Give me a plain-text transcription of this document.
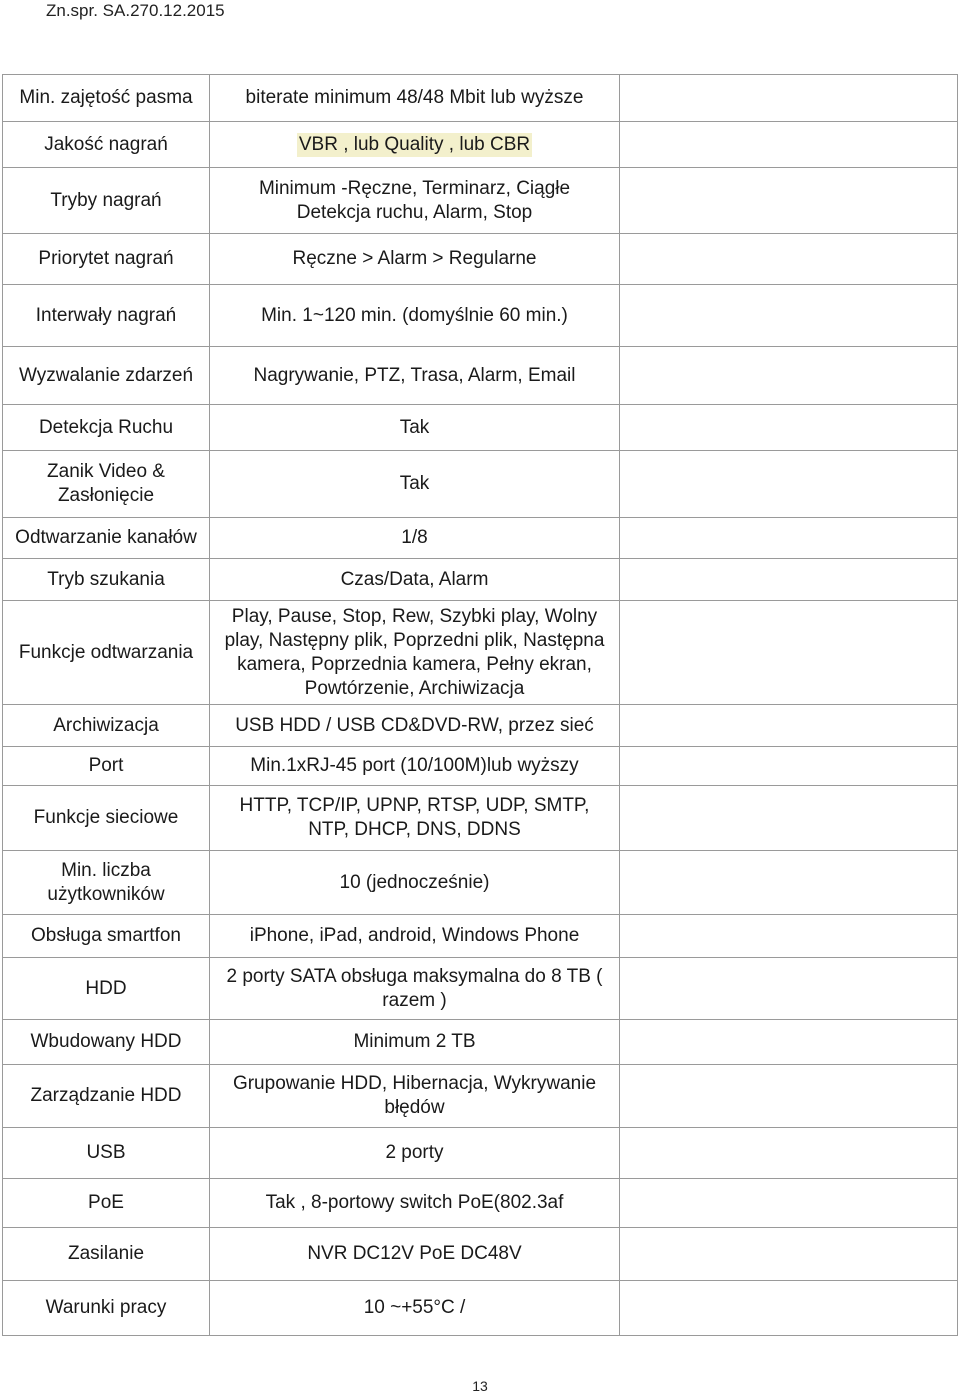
Zn.spr. SA.270.12.2015
Min. zajętość pasma	biterate minimum 48/48 Mbit lub wyższe	
Jakość nagrań	VBR , lub Quality , lub CBR	
Tryby nagrań	Minimum -Ręczne, Terminarz, Ciągłe
Detekcja ruchu, Alarm, Stop	
Priorytet nagrań	Ręczne > Alarm > Regularne	
Interwały nagrań	Min. 1~120 min. (domyślnie 60 min.)	
Wyzwalanie zdarzeń	Nagrywanie, PTZ, Trasa, Alarm, Email	
Detekcja Ruchu	Tak	
Zanik Video &
Zasłonięcie	Tak	
Odtwarzanie kanałów	1/8	
Tryb szukania	Czas/Data, Alarm	
Funkcje odtwarzania	Play, Pause, Stop, Rew, Szybki play, Wolny
play, Następny plik, Poprzedni plik, Następna
kamera, Poprzednia kamera, Pełny ekran,
Powtórzenie, Archiwizacja	
Archiwizacja	USB HDD / USB CD&DVD-RW, przez sieć	
Port	Min.1xRJ-45 port (10/100M)lub wyższy	
Funkcje sieciowe	HTTP, TCP/IP, UPNP, RTSP, UDP, SMTP,
NTP, DHCP, DNS, DDNS	
Min. liczba
użytkowników	10 (jednocześnie)	
Obsługa smartfon	iPhone, iPad, android, Windows Phone	
HDD	2 porty SATA obsługa maksymalna do 8 TB (
razem )	
Wbudowany HDD	Minimum 2 TB	
Zarządzanie HDD	Grupowanie HDD, Hibernacja, Wykrywanie
błędów	
USB	2 porty	
PoE	Tak , 8-portowy switch PoE(802.3af	
Zasilanie	NVR DC12V PoE DC48V	
Warunki pracy	10 ~+55°C /	
13
